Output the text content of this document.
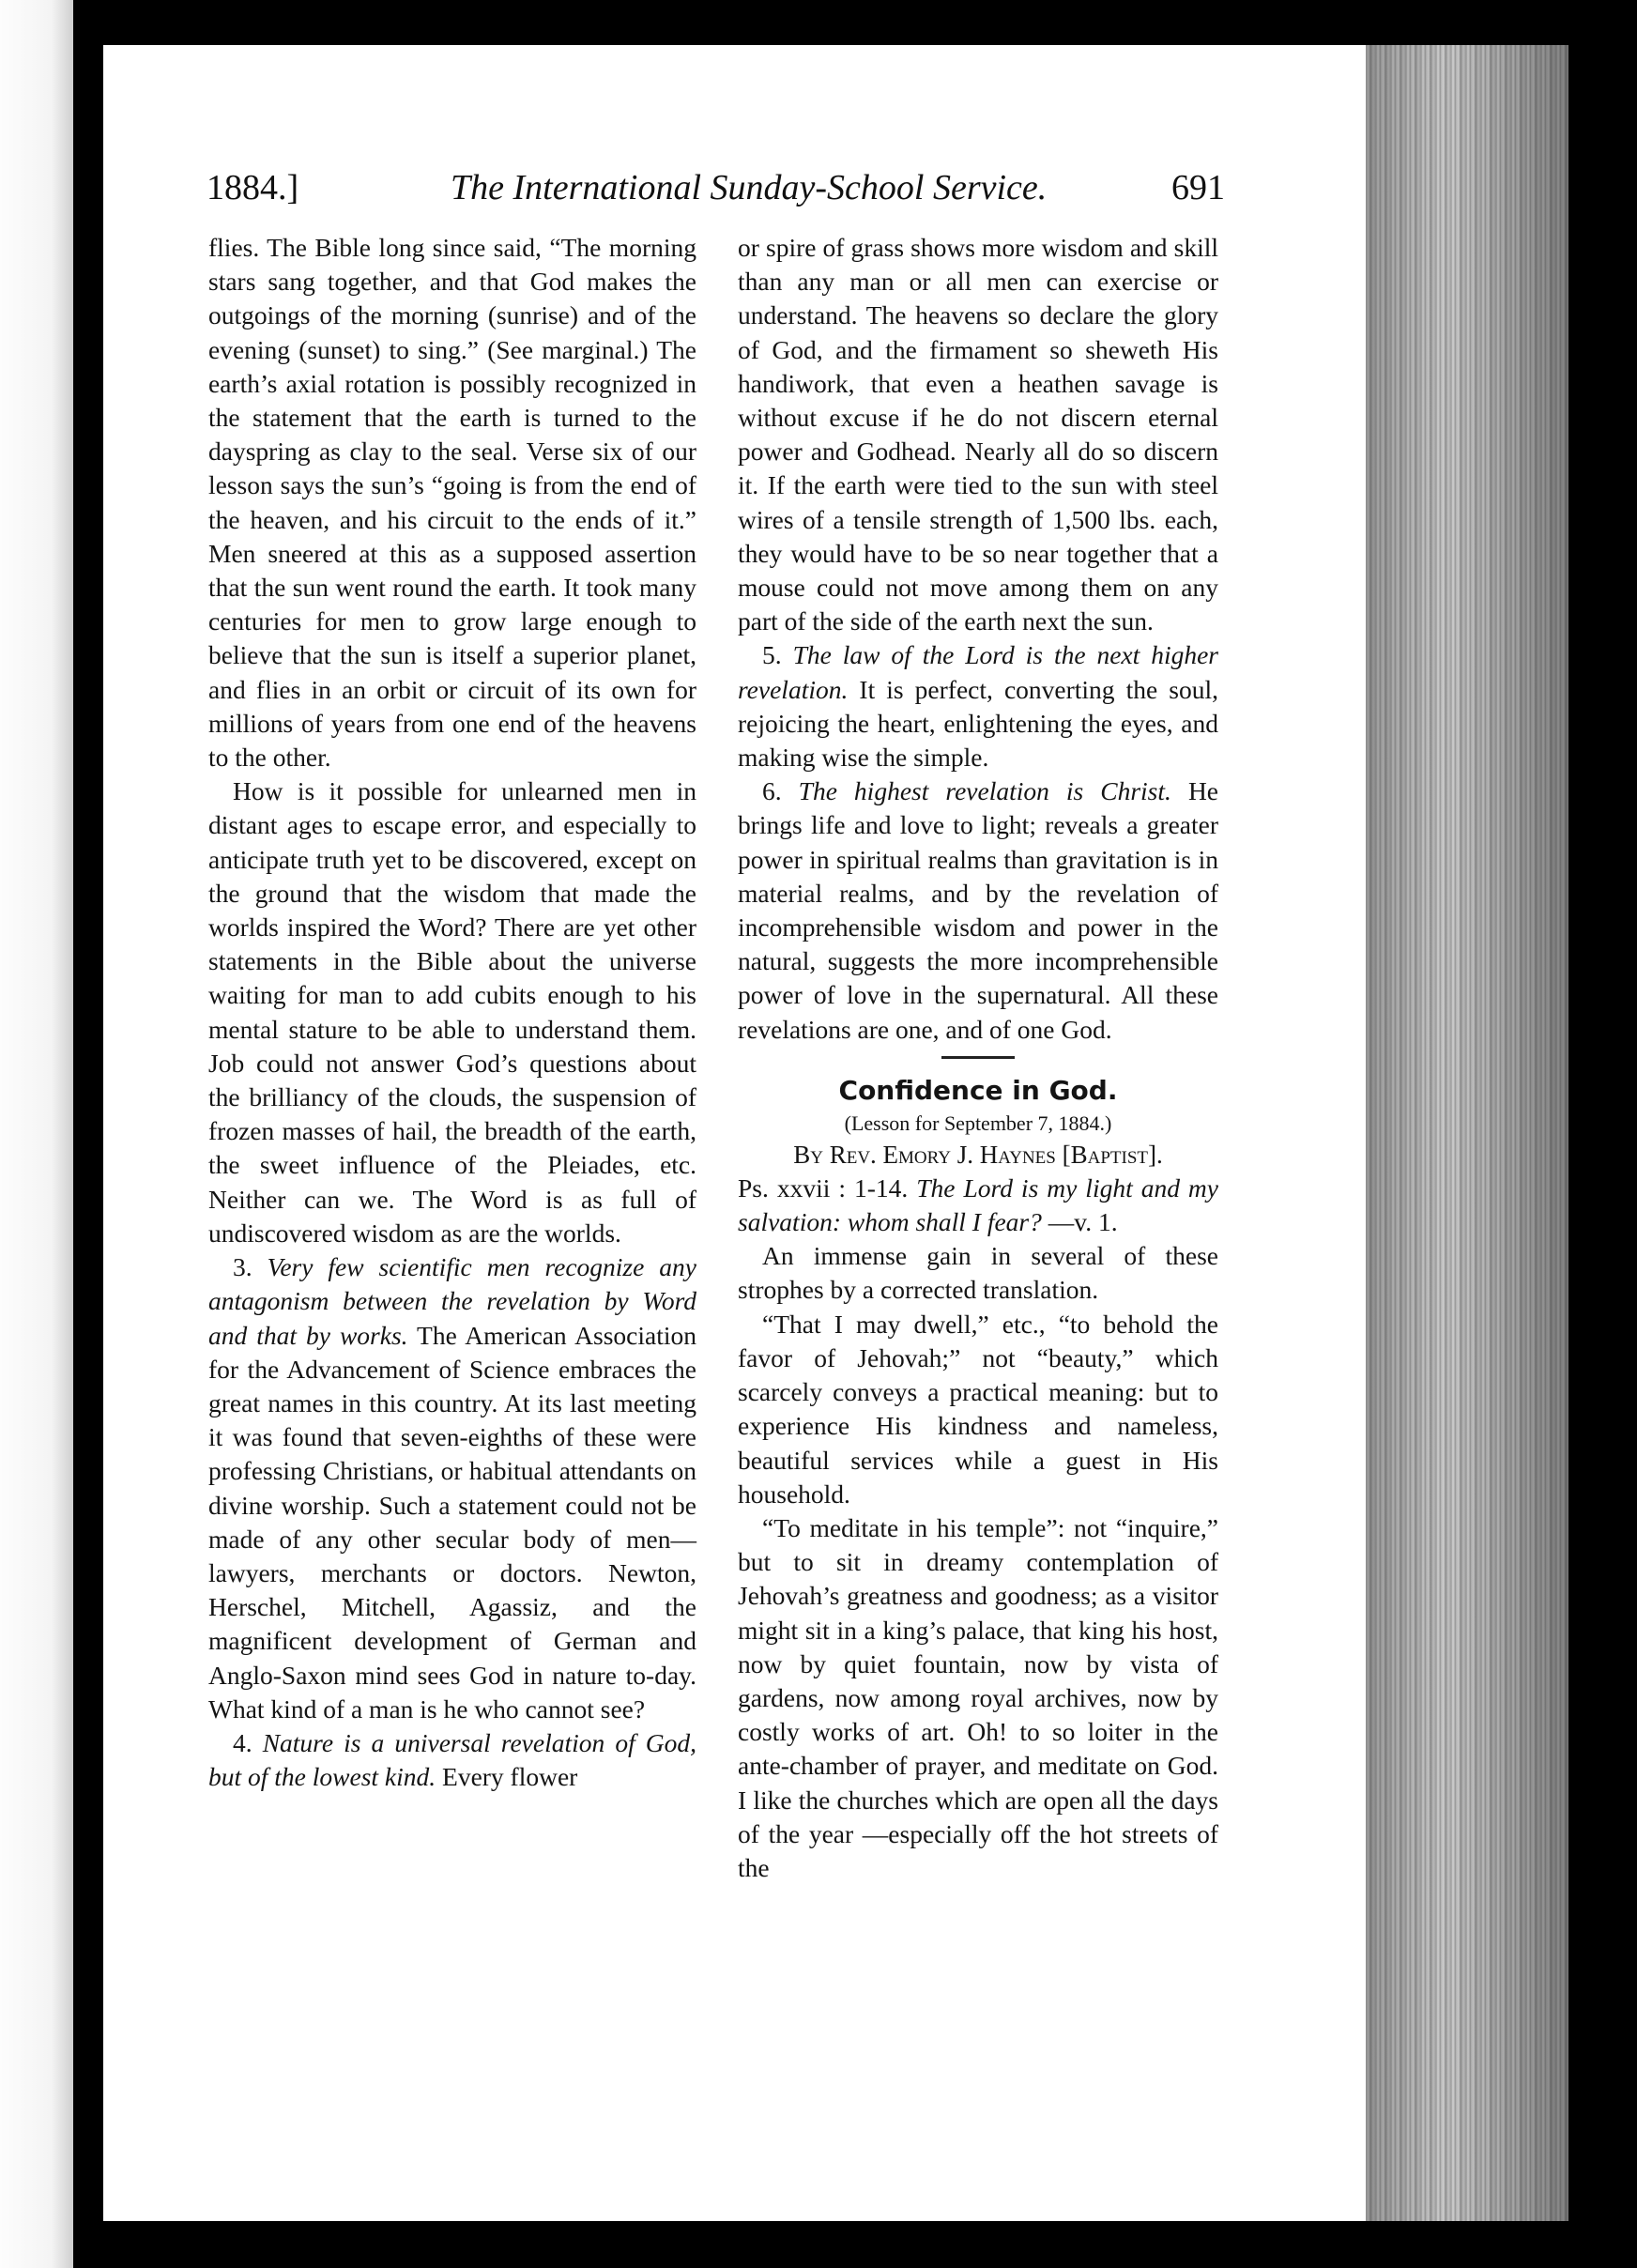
1884.]	The International Sunday-School Service.	691

flies. The Bible long since said, “The morning stars sang together, and that God makes the outgoings of the morning (sunrise) and of the evening (sunset) to sing.” (See marginal.) The earth’s axial rotation is possibly recognized in the statement that the earth is turned to the dayspring as clay to the seal. Verse six of our lesson says the sun’s “going is from the end of the heaven, and his circuit to the ends of it.” Men sneered at this as a supposed assertion that the sun went round the earth. It took many centuries for men to grow large enough to believe that the sun is itself a superior planet, and flies in an orbit or circuit of its own for millions of years from one end of the heavens to the other.

How is it possible for unlearned men in distant ages to escape error, and especially to anticipate truth yet to be discovered, except on the ground that the wisdom that made the worlds inspired the Word? There are yet other statements in the Bible about the universe waiting for man to add cubits enough to his mental stature to be able to understand them. Job could not answer God’s questions about the brilliancy of the clouds, the suspension of frozen masses of hail, the breadth of the earth, the sweet influence of the Pleiades, etc. Neither can we. The Word is as full of undiscovered wisdom as are the worlds.

3. Very few scientific men recognize any antagonism between the revelation by Word and that by works. The American Association for the Advancement of Science embraces the great names in this country. At its last meeting it was found that seven-eighths of these were professing Christians, or habitual attendants on divine worship. Such a statement could not be made of any other secular body of men—lawyers, merchants or doctors. Newton, Herschel, Mitchell, Agassiz, and the magnificent development of German and Anglo-Saxon mind sees God in nature to-day. What kind of a man is he who cannot see?

4. Nature is a universal revelation of God, but of the lowest kind. Every flower

or spire of grass shows more wisdom and skill than any man or all men can exercise or understand. The heavens so declare the glory of God, and the firmament so sheweth His handiwork, that even a heathen savage is without excuse if he do not discern eternal power and Godhead. Nearly all do so discern it. If the earth were tied to the sun with steel wires of a tensile strength of 1,500 lbs. each, they would have to be so near together that a mouse could not move among them on any part of the side of the earth next the sun.

5. The law of the Lord is the next higher revelation. It is perfect, converting the soul, rejoicing the heart, enlightening the eyes, and making wise the simple.

6. The highest revelation is Christ. He brings life and love to light; reveals a greater power in spiritual realms than gravitation is in material realms, and by the revelation of incomprehensible wisdom and power in the natural, suggests the more incomprehensible power of love in the supernatural. All these revelations are one, and of one God.

Confidence in God.
(Lesson for September 7, 1884.)
By Rev. Emory J. Haynes [Baptist].

Ps. xxvii : 1-14. The Lord is my light and my salvation: whom shall I fear? —v. 1.

An immense gain in several of these strophes by a corrected translation.

“That I may dwell,” etc., “to behold the favor of Jehovah;” not “beauty,” which scarcely conveys a practical meaning: but to experience His kindness and nameless, beautiful services while a guest in His household.

“To meditate in his temple”: not “inquire,” but to sit in dreamy contemplation of Jehovah’s greatness and goodness; as a visitor might sit in a king’s palace, that king his host, now by quiet fountain, now by vista of gardens, now among royal archives, now by costly works of art. Oh! to so loiter in the ante-chamber of prayer, and meditate on God. I like the churches which are open all the days of the year —especially off the hot streets of the
